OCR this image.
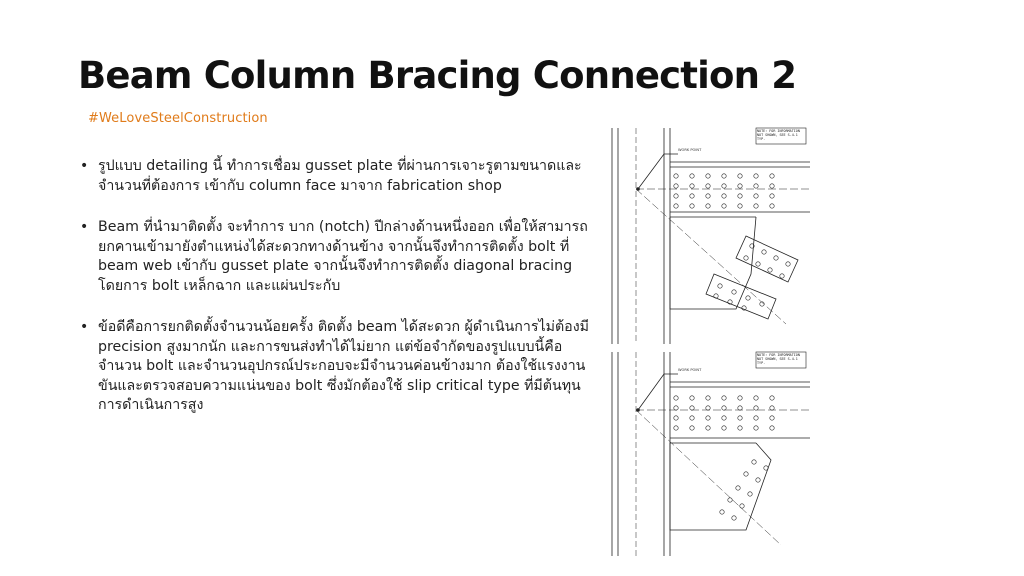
Beam Column Bracing Connection 2
#WeLoveSteelConstruction
• รูปแบบ detailing นี้ ทำการเชื่อม gusset plate ที่ผ่านการเจาะรูตามขนาดและจำนวนที่ต้องการ เข้ากับ column face มาจาก fabrication shop
• Beam ที่นำมาติดตั้ง จะทำการ บาก (notch) ปีกล่างด้านหนึ่งออก เพื่อให้สามารถ ยกคานเข้ามายังตำแหน่งได้สะดวกทางด้านข้าง จากนั้นจึงทำการติดตั้ง bolt ที่ beam web เข้ากับ gusset plate จากนั้นจึงทำการติดตั้ง diagonal bracing โดยการ bolt เหล็กฉาก และแผ่นประกับ
• ข้อดีคือการยกติดตั้งจำนวนน้อยครั้ง ติดตั้ง beam ได้สะดวก ผู้ดำเนินการไม่ต้องมี precision สูงมากนัก และการขนส่งทำได้ไม่ยาก แต่ข้อจำกัดของรูปแบบนี้คือ จำนวน bolt และจำนวนอุปกรณ์ประกอบจะมีจำนวนค่อนข้างมาก ต้องใช้แรงงานขันและตรวจสอบความแน่นของ bolt ซึ่งมักต้องใช้ slip critical type ที่มีต้นทุนการดำเนินการสูง
NOTE: FOR INFORMATION NOT SHOWN, SEE S-4.1 TYP.
WORK POINT
NOTE: FOR INFORMATION NOT SHOWN, SEE S-4.1 TYP.
WORK POINT
